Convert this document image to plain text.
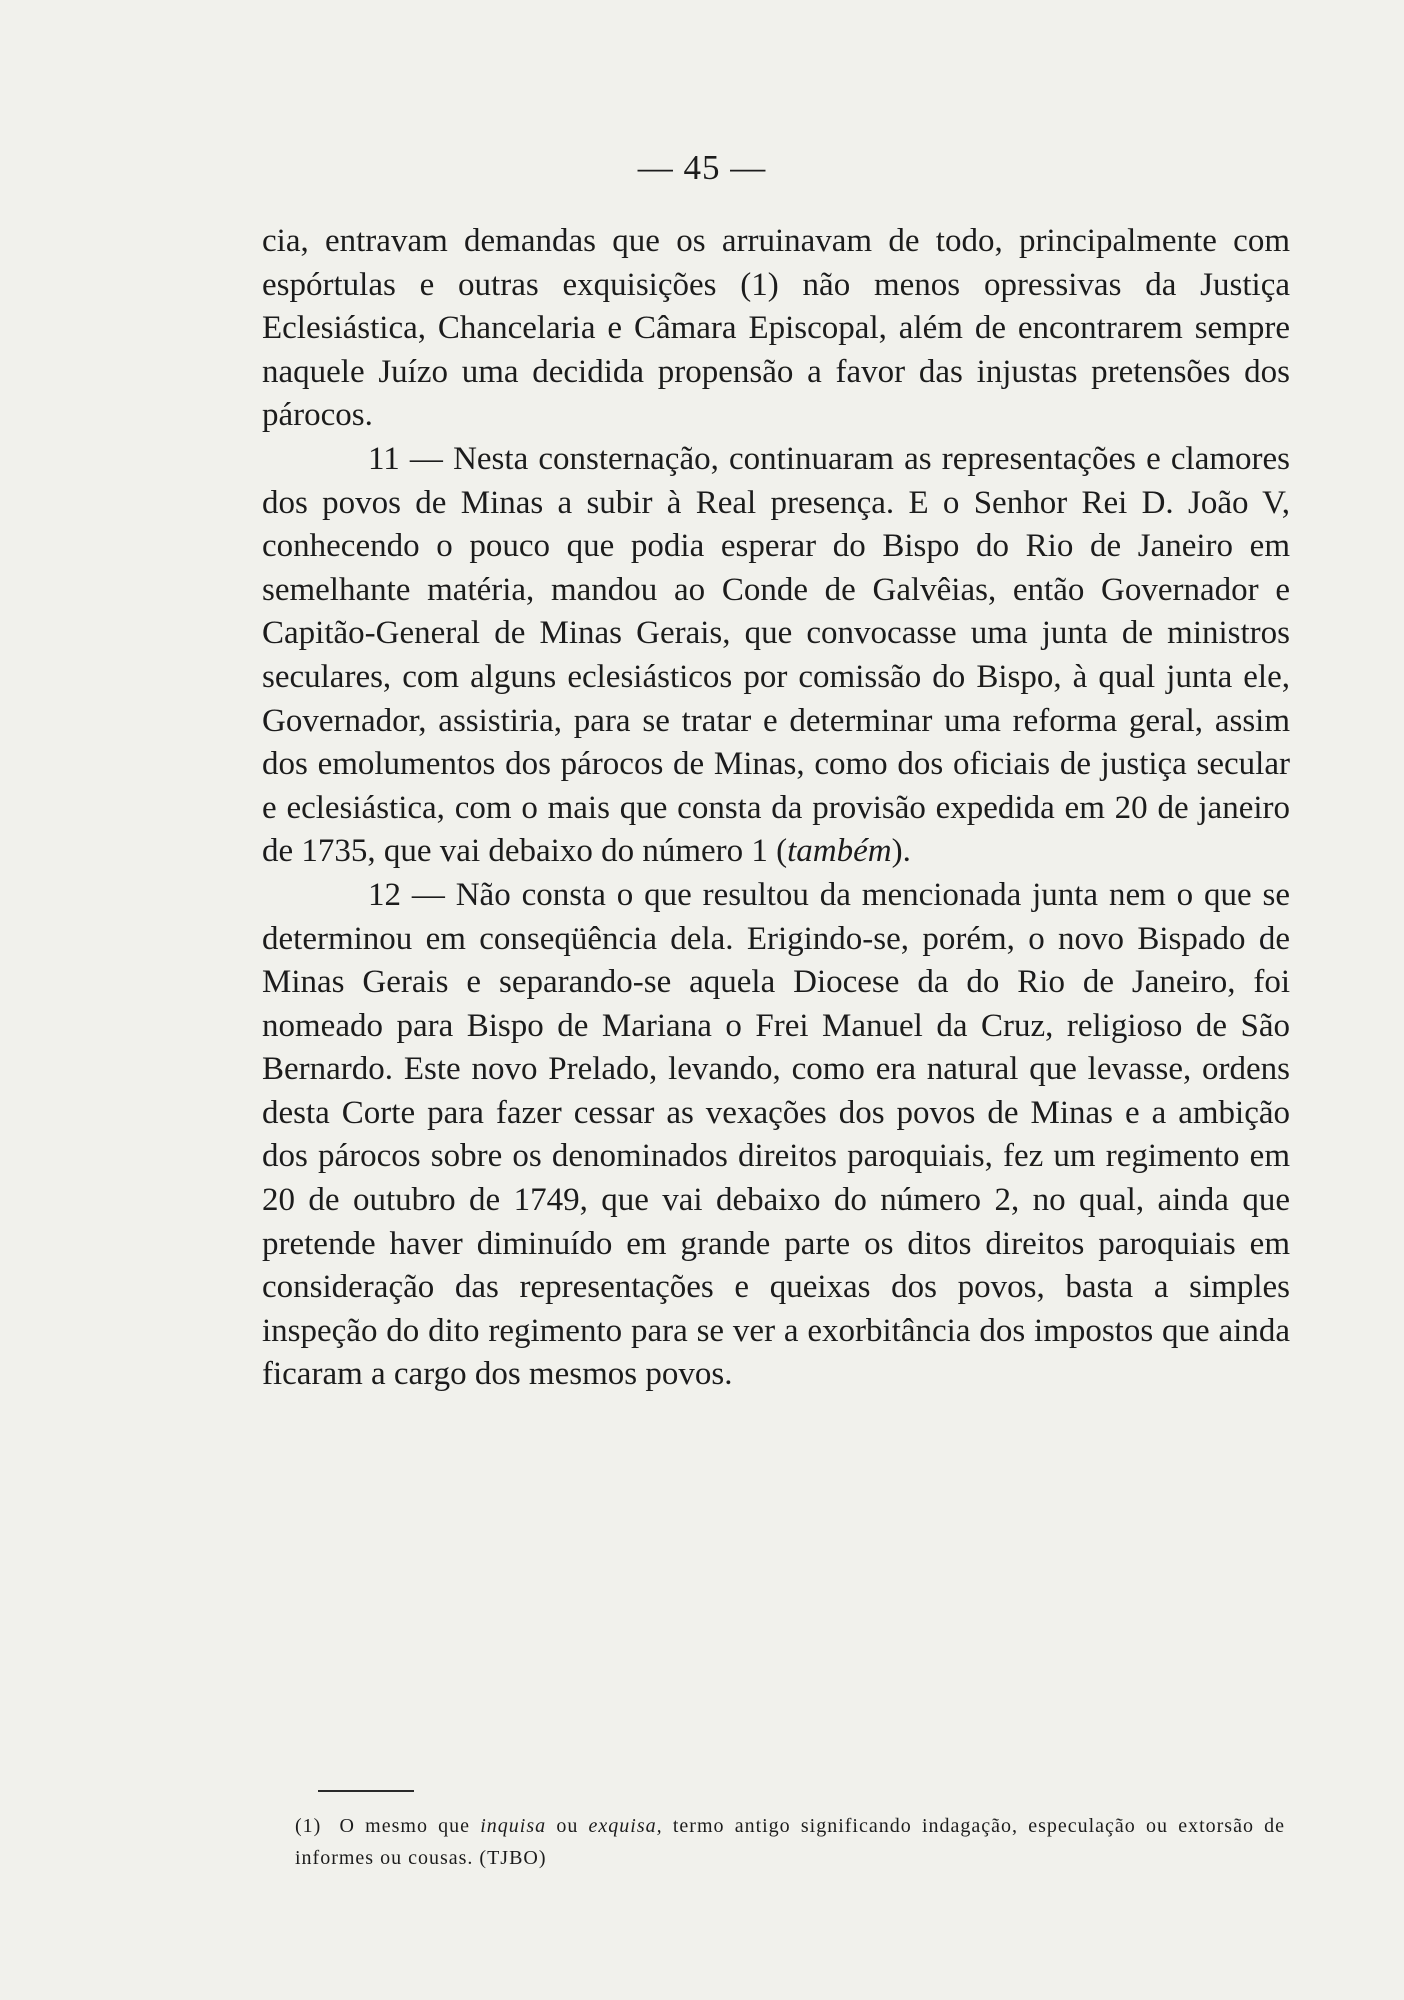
— 45 —

cia, entravam demandas que os arruinavam de todo, principalmente com espórtulas e outras exquisições (1) não menos opressivas da Justiça Eclesiástica, Chancelaria e Câmara Episcopal, além de encontrarem sempre naquele Juízo uma decidida propensão a favor das injustas pretensões dos párocos.

11 — Nesta consternação, continuaram as representações e clamores dos povos de Minas a subir à Real presença. E o Senhor Rei D. João V, conhecendo o pouco que podia esperar do Bispo do Rio de Janeiro em semelhante matéria, mandou ao Conde de Galvêias, então Governador e Capitão-General de Minas Gerais, que convocasse uma junta de ministros seculares, com alguns eclesiásticos por comissão do Bispo, à qual junta ele, Governador, assistiria, para se tratar e determinar uma reforma geral, assim dos emolumentos dos párocos de Minas, como dos oficiais de justiça secular e eclesiástica, com o mais que consta da provisão expedida em 20 de janeiro de 1735, que vai debaixo do número 1 (também).

12 — Não consta o que resultou da mencionada junta nem o que se determinou em conseqüência dela. Erigindo-se, porém, o novo Bispado de Minas Gerais e separando-se aquela Diocese da do Rio de Janeiro, foi nomeado para Bispo de Mariana o Frei Manuel da Cruz, religioso de São Bernardo. Este novo Prelado, levando, como era natural que levasse, ordens desta Corte para fazer cessar as vexações dos povos de Minas e a ambição dos párocos sobre os denominados direitos paroquiais, fez um regimento em 20 de outubro de 1749, que vai debaixo do número 2, no qual, ainda que pretende haver diminuído em grande parte os ditos direitos paroquiais em consideração das representações e queixas dos povos, basta a simples inspeção do dito regimento para se ver a exorbitância dos impostos que ainda ficaram a cargo dos mesmos povos.

(1) O mesmo que inquisa ou exquisa, termo antigo significando indagação, especulação ou extorsão de informes ou cousas. (TJBO)
